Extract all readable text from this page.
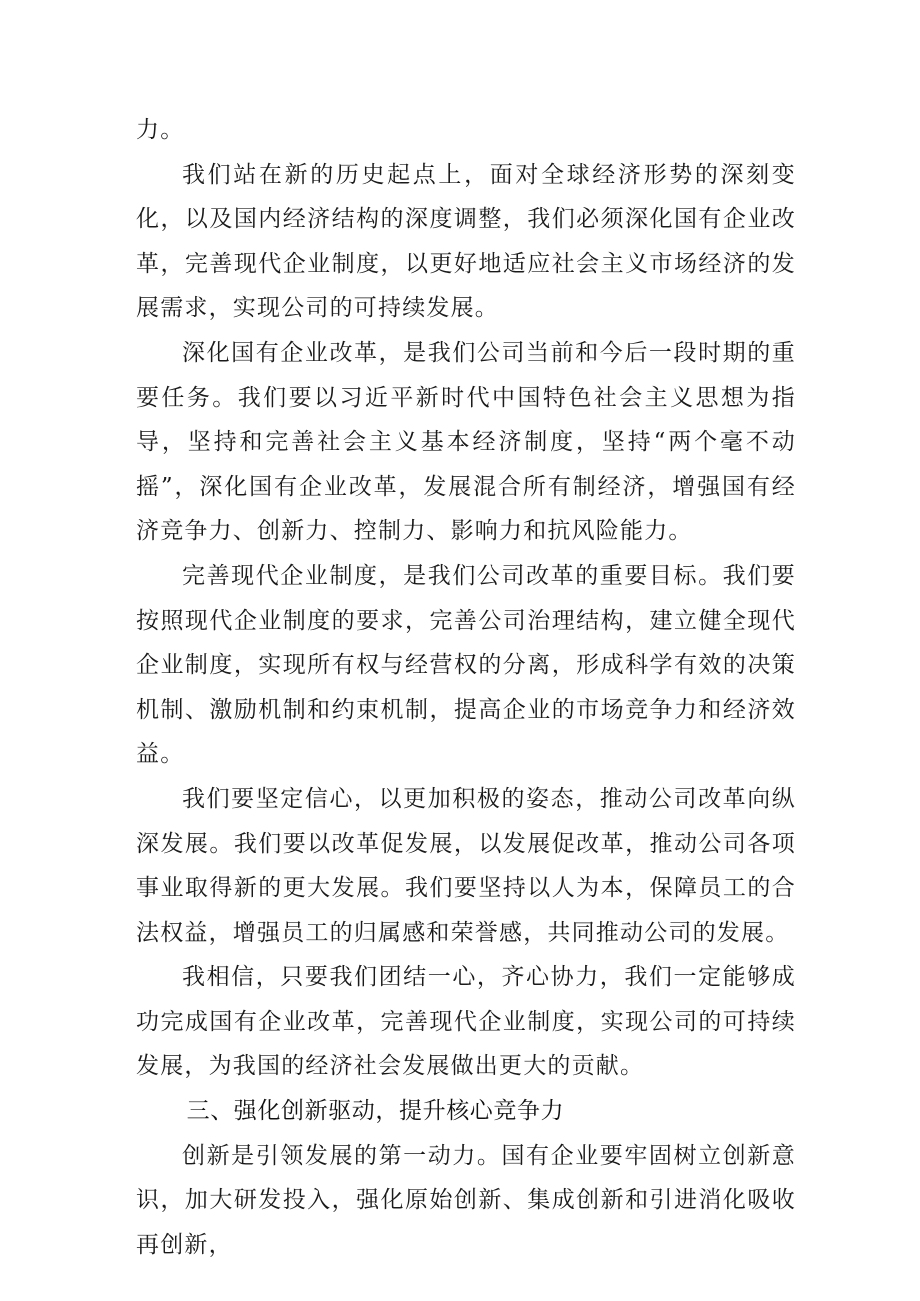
力。

我们站在新的历史起点上，面对全球经济形势的深刻变化，以及国内经济结构的深度调整，我们必须深化国有企业改革，完善现代企业制度，以更好地适应社会主义市场经济的发展需求，实现公司的可持续发展。

深化国有企业改革，是我们公司当前和今后一段时期的重要任务。我们要以习近平新时代中国特色社会主义思想为指导，坚持和完善社会主义基本经济制度，坚持“两个毫不动摇”，深化国有企业改革，发展混合所有制经济，增强国有经济竞争力、创新力、控制力、影响力和抗风险能力。

完善现代企业制度，是我们公司改革的重要目标。我们要按照现代企业制度的要求，完善公司治理结构，建立健全现代企业制度，实现所有权与经营权的分离，形成科学有效的决策机制、激励机制和约束机制，提高企业的市场竞争力和经济效益。

我们要坚定信心，以更加积极的姿态，推动公司改革向纵深发展。我们要以改革促发展，以发展促改革，推动公司各项事业取得新的更大发展。我们要坚持以人为本，保障员工的合法权益，增强员工的归属感和荣誉感，共同推动公司的发展。

我相信，只要我们团结一心，齐心协力，我们一定能够成功完成国有企业改革，完善现代企业制度，实现公司的可持续发展，为我国的经济社会发展做出更大的贡献。

三、强化创新驱动，提升核心竞争力

创新是引领发展的第一动力。国有企业要牢固树立创新意识，加大研发投入，强化原始创新、集成创新和引进消化吸收再创新，
